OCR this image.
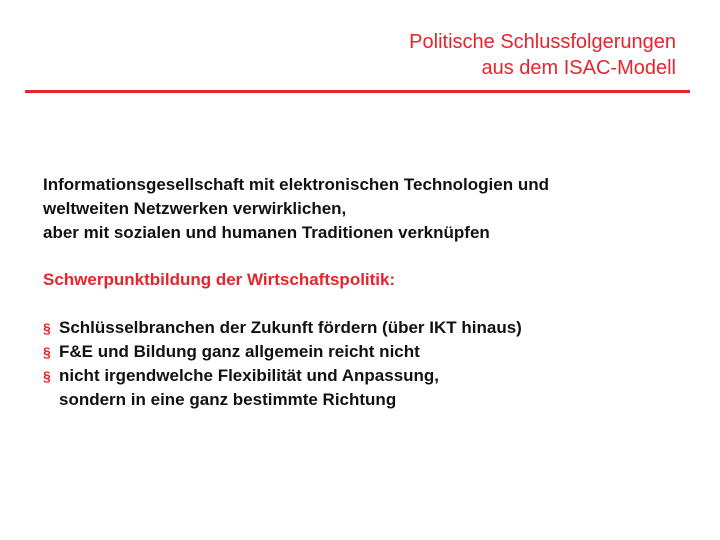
Politische Schlussfolgerungen
aus dem ISAC-Modell
Informationsgesellschaft mit elektronischen Technologien und
weltweiten Netzwerken verwirklichen,
aber mit sozialen und humanen Traditionen verknüpfen
Schwerpunktbildung der Wirtschaftspolitik:
§ Schlüsselbranchen der Zukunft fördern (über IKT hinaus)
§ F&E und Bildung ganz allgemein reicht nicht
§ nicht irgendwelche Flexibilität und Anpassung,
sondern in eine ganz bestimmte Richtung
